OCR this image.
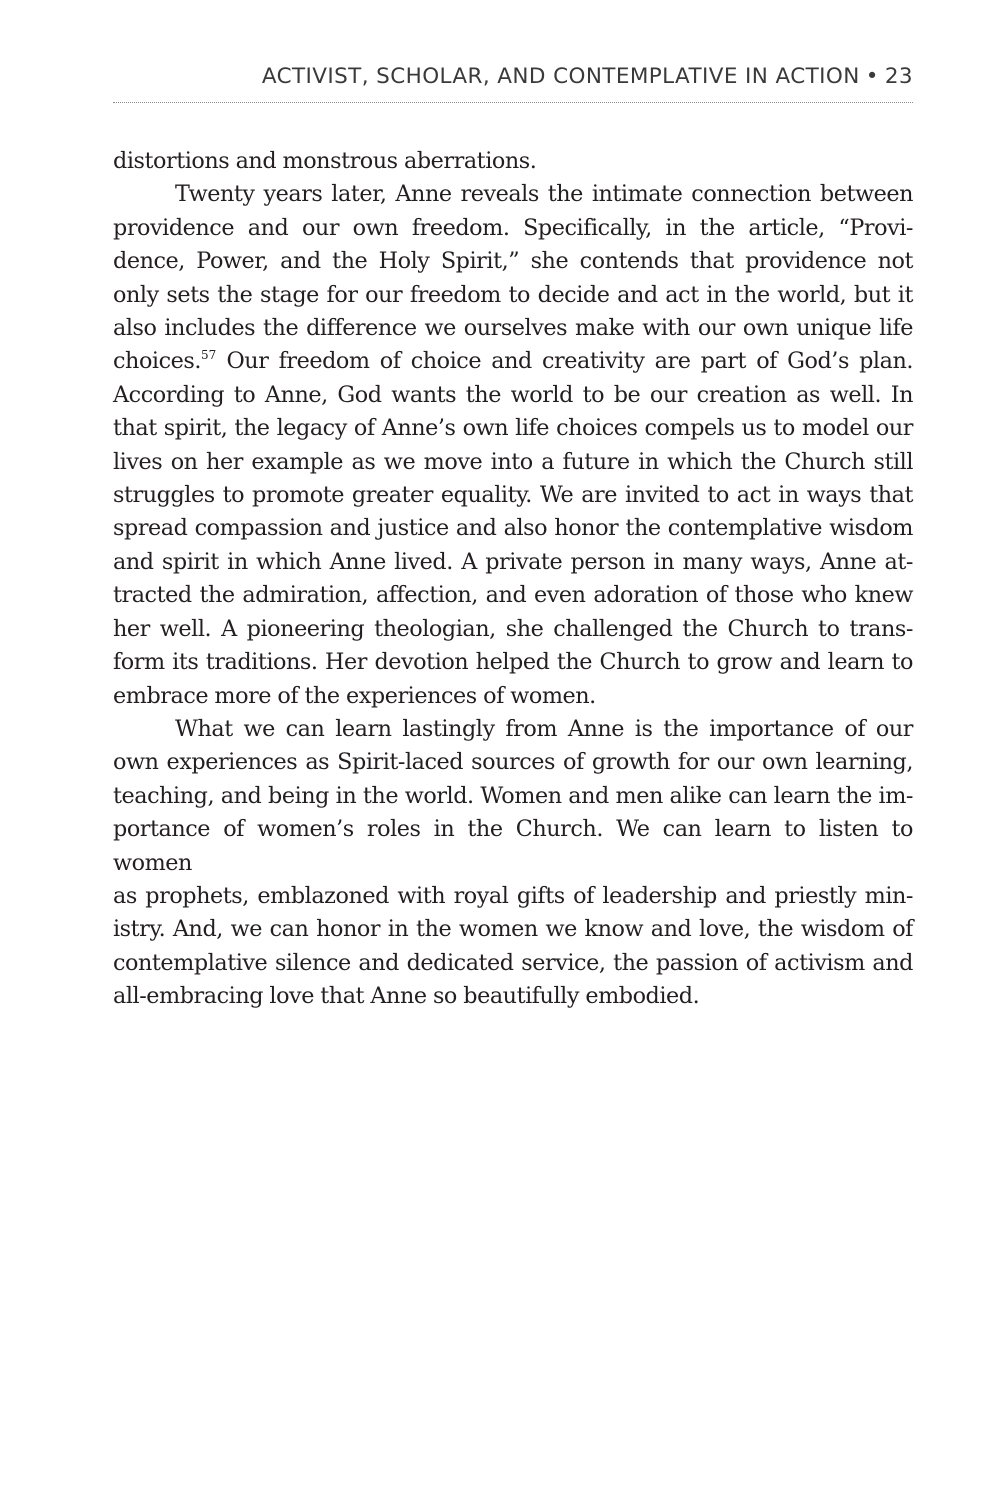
ACTIVIST, SCHOLAR, AND CONTEMPLATIVE IN ACTION • 23

distortions and monstrous aberrations.

Twenty years later, Anne reveals the intimate connection between
providence and our own freedom. Specifically, in the article, “Provi-
dence, Power, and the Holy Spirit,” she contends that providence not
only sets the stage for our freedom to decide and act in the world, but it
also includes the difference we ourselves make with our own unique life
choices.$^{57}$ Our freedom of choice and creativity are part of God’s plan.
According to Anne, God wants the world to be our creation as well. In
that spirit, the legacy of Anne’s own life choices compels us to model our
lives on her example as we move into a future in which the Church still
struggles to promote greater equality. We are invited to act in ways that
spread compassion and justice and also honor the contemplative wisdom
and spirit in which Anne lived. A private person in many ways, Anne at-
tracted the admiration, affection, and even adoration of those who knew
her well. A pioneering theologian, she challenged the Church to trans-
form its traditions. Her devotion helped the Church to grow and learn to
embrace more of the experiences of women.

What we can learn lastingly from Anne is the importance of our
own experiences as Spirit-laced sources of growth for our own learning,
teaching, and being in the world. Women and men alike can learn the im-
portance of women’s roles in the Church. We can learn to listen to women
as prophets, emblazoned with royal gifts of leadership and priestly min-
istry. And, we can honor in the women we know and love, the wisdom of
contemplative silence and dedicated service, the passion of activism and
all-embracing love that Anne so beautifully embodied.
